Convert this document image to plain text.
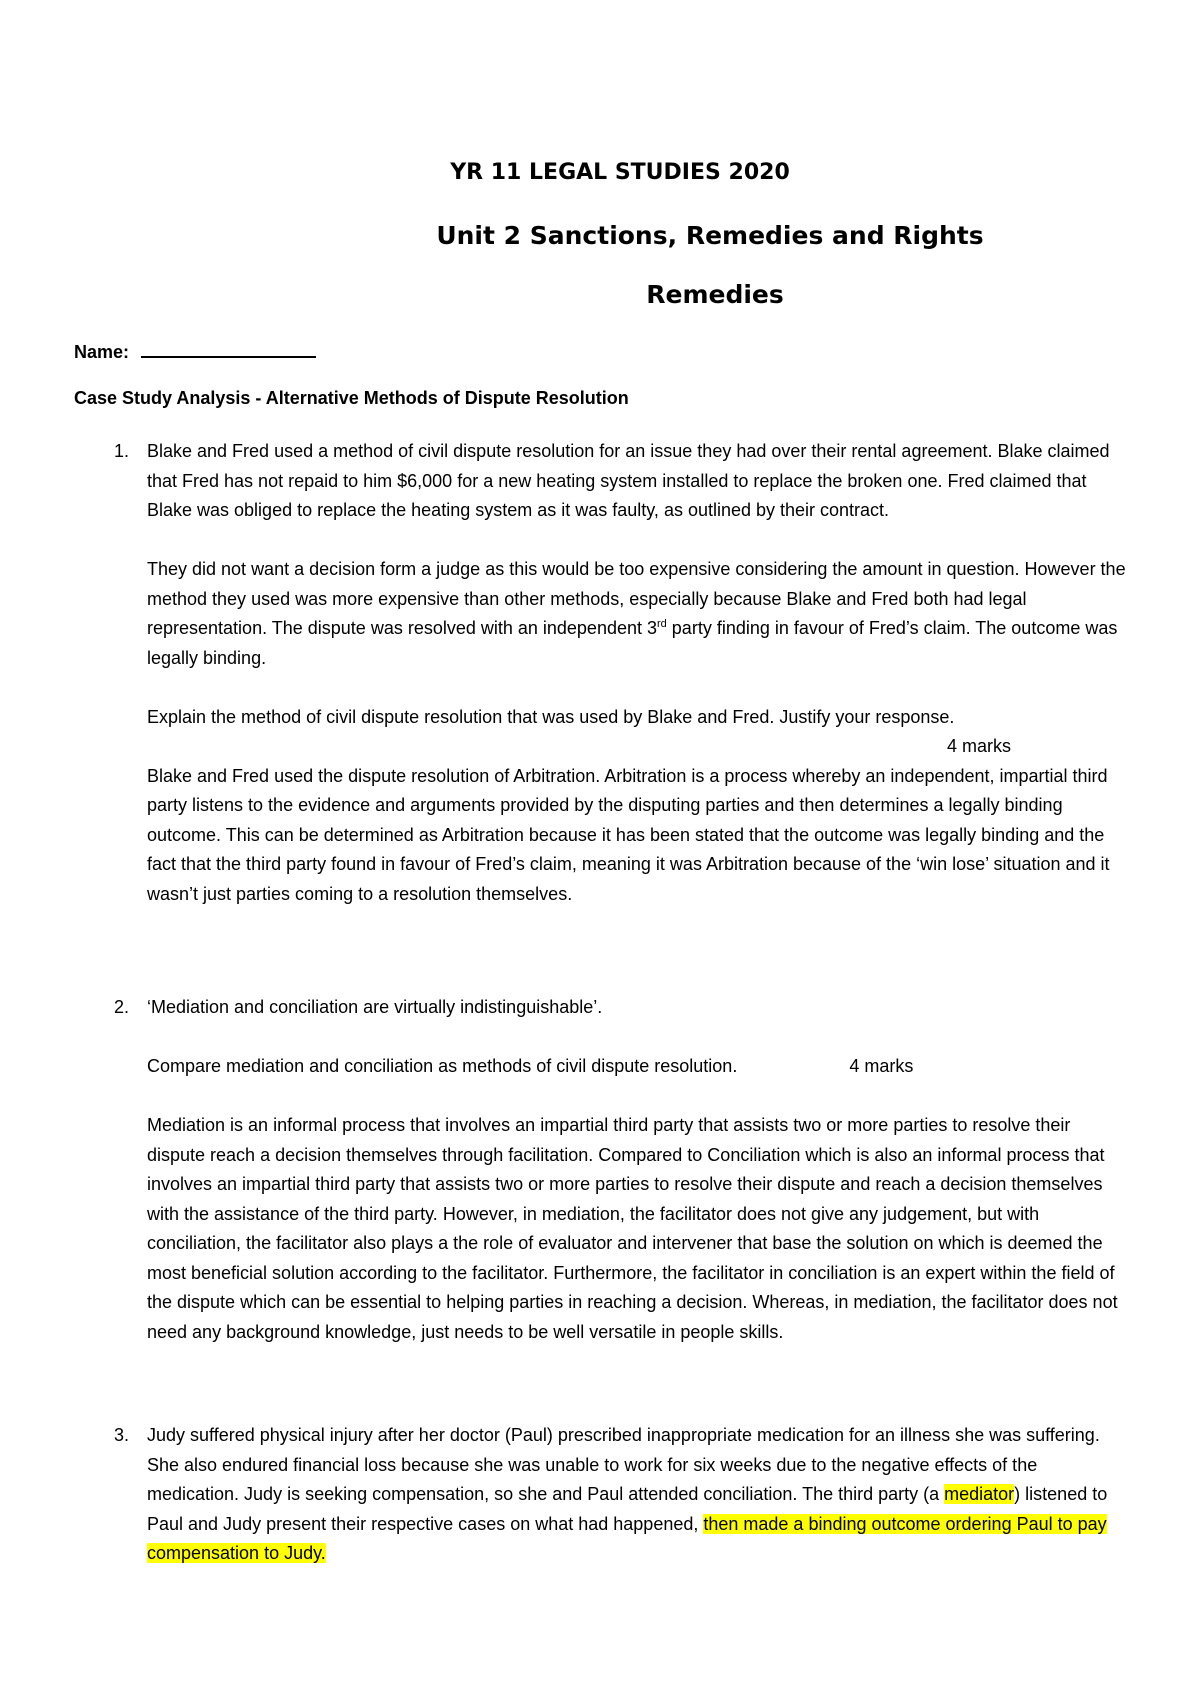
YR 11 LEGAL STUDIES 2020
Unit 2 Sanctions, Remedies and Rights
Remedies
Name:
Case Study Analysis - Alternative Methods of Dispute Resolution
1. Blake and Fred used a method of civil dispute resolution for an issue they had over their rental agreement. Blake claimed that Fred has not repaid to him $6,000 for a new heating system installed to replace the broken one. Fred claimed that Blake was obliged to replace the heating system as it was faulty, as outlined by their contract.

They did not want a decision form a judge as this would be too expensive considering the amount in question. However the method they used was more expensive than other methods, especially because Blake and Fred both had legal representation. The dispute was resolved with an independent 3rd party finding in favour of Fred’s claim. The outcome was legally binding.

Explain the method of civil dispute resolution that was used by Blake and Fred. Justify your response.

4 marks

Blake and Fred used the dispute resolution of Arbitration. Arbitration is a process whereby an independent, impartial third party listens to the evidence and arguments provided by the disputing parties and then determines a legally binding outcome. This can be determined as Arbitration because it has been stated that the outcome was legally binding and the fact that the third party found in favour of Fred’s claim, meaning it was Arbitration because of the ‘win lose’ situation and it wasn’t just parties coming to a resolution themselves.

2. ‘Mediation and conciliation are virtually indistinguishable’.

Compare mediation and conciliation as methods of civil dispute resolution.	4 marks

Mediation is an informal process that involves an impartial third party that assists two or more parties to resolve their dispute reach a decision themselves through facilitation. Compared to Conciliation which is also an informal process that involves an impartial third party that assists two or more parties to resolve their dispute and reach a decision themselves with the assistance of the third party. However, in mediation, the facilitator does not give any judgement, but with conciliation, the facilitator also plays a the role of evaluator and intervener that base the solution on which is deemed the most beneficial solution according to the facilitator. Furthermore, the facilitator in conciliation is an expert within the field of the dispute which can be essential to helping parties in reaching a decision. Whereas, in mediation, the facilitator does not need any background knowledge, just needs to be well versatile in people skills.

3. Judy suffered physical injury after her doctor (Paul) prescribed inappropriate medication for an illness she was suffering. She also endured financial loss because she was unable to work for six weeks due to the negative effects of the medication. Judy is seeking compensation, so she and Paul attended conciliation. The third party (a mediator) listened to Paul and Judy present their respective cases on what had happened, then made a binding outcome ordering Paul to pay compensation to Judy.
